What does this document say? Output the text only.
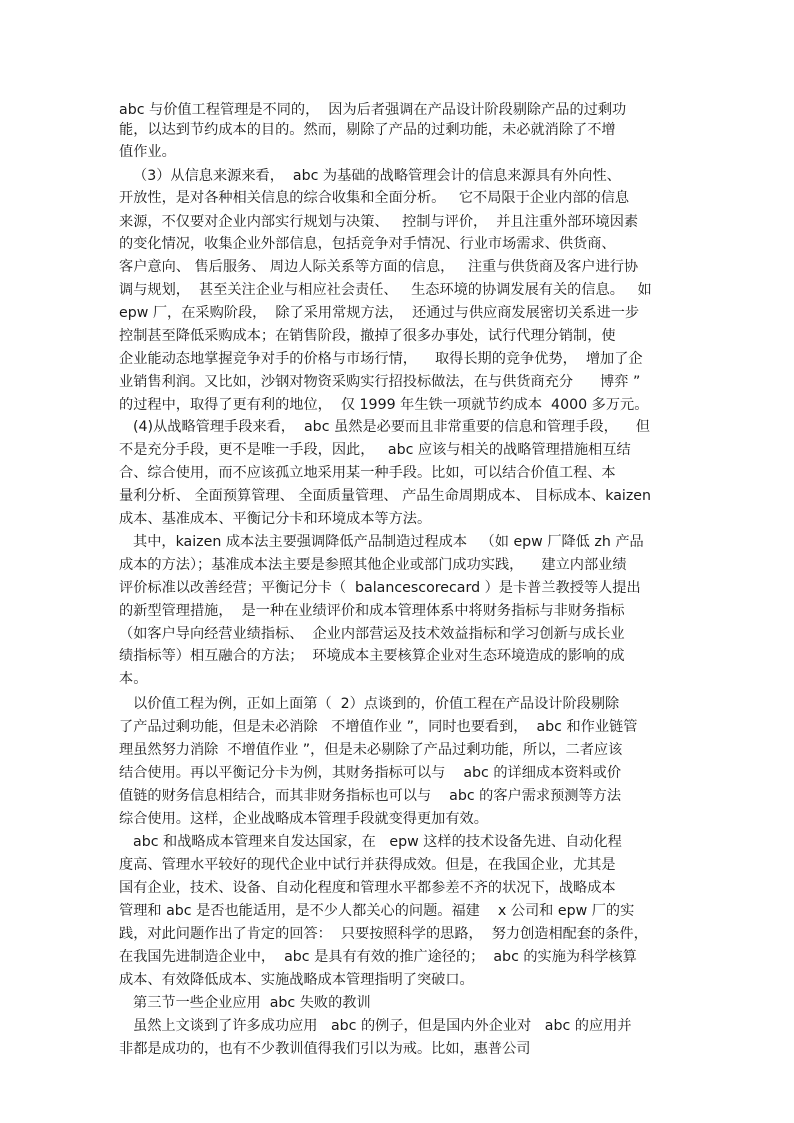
abc 与价值工程管理是不同的，  因为后者强调在产品设计阶段剔除产品的过剩功
能，以达到节约成本的目的。然而，剔除了产品的过剩功能，未必就消除了不增
值作业。
（3）从信息来源来看，  abc 为基础的战略管理会计的信息来源具有外向性、
开放性，是对各种相关信息的综合收集和全面分析。   它不局限于企业内部的信息
来源，不仅要对企业内部实行规划与决策、   控制与评价，  并且注重外部环境因素
的变化情况，收集企业外部信息，包括竞争对手情况、行业市场需求、供货商、
客户意向、 售后服务、 周边人际关系等方面的信息，   注重与供货商及客户进行协
调与规划，  甚至关注企业与相应社会责任、   生态环境的协调发展有关的信息。   如
epw 厂，在采购阶段，  除了采用常规方法，  还通过与供应商发展密切关系进一步
控制甚至降低采购成本；在销售阶段，撤掉了很多办事处，试行代理分销制，使
企业能动态地掌握竞争对手的价格与市场行情，    取得长期的竞争优势，  增加了企
业销售利润。又比如，沙钢对物资采购实行招投标做法，在与供货商充分      博弈 ”
的过程中，取得了更有利的地位，  仅 1999 年生铁一项就节约成本  4000 多万元。
(4)从战略管理手段来看，  abc 虽然是必要而且非常重要的信息和管理手段，    但
不是充分手段，更不是唯一手段，因此，   abc 应该与相关的战略管理措施相互结
合、综合使用，而不应该孤立地采用某一种手段。比如，可以结合价值工程、本
量利分析、 全面预算管理、 全面质量管理、 产品生命周期成本、 目标成本、kaizen
成本、基准成本、平衡记分卡和环境成本等方法。
其中，kaizen 成本法主要强调降低产品制造过程成本   （如 epw 厂降低 zh 产品
成本的方法）；基准成本法主要是参照其他企业或部门成功实践，    建立内部业绩
评价标准以改善经营；平衡记分卡（  balancescorecard ）是卡普兰教授等人提出
的新型管理措施，  是一种在业绩评价和成本管理体系中将财务指标与非财务指标
（如客户导向经营业绩指标、  企业内部营运及技术效益指标和学习创新与成长业
绩指标等）相互融合的方法；  环境成本主要核算企业对生态环境造成的影响的成
本。
以价值工程为例，正如上面第（  2）点谈到的，价值工程在产品设计阶段剔除
了产品过剩功能，但是未必消除   不增值作业 ”，同时也要看到，  abc 和作业链管
理虽然努力消除  不增值作业 ”，但是未必剔除了产品过剩功能，所以，二者应该
结合使用。再以平衡记分卡为例，其财务指标可以与    abc 的详细成本资料或价
值链的财务信息相结合，而其非财务指标也可以与    abc 的客户需求预测等方法
综合使用。这样，企业战略成本管理手段就变得更加有效。
abc 和战略成本管理来自发达国家，在   epw 这样的技术设备先进、自动化程
度高、管理水平较好的现代企业中试行并获得成效。但是，在我国企业，尤其是
国有企业，技术、设备、自动化程度和管理水平都参差不齐的状况下，战略成本
管理和 abc 是否也能适用，是不少人都关心的问题。福建    x 公司和 epw 厂的实
践，对此问题作出了肯定的回答：  只要按照科学的思路，  努力创造相配套的条件，
在我国先进制造企业中，  abc 是具有有效的推广途径的；  abc 的实施为科学核算
成本、有效降低成本、实施战略成本管理指明了突破口。
第三节一些企业应用  abc 失败的教训
虽然上文谈到了许多成功应用   abc 的例子，但是国内外企业对   abc 的应用并
非都是成功的，也有不少教训值得我们引以为戒。比如，惠普公司
